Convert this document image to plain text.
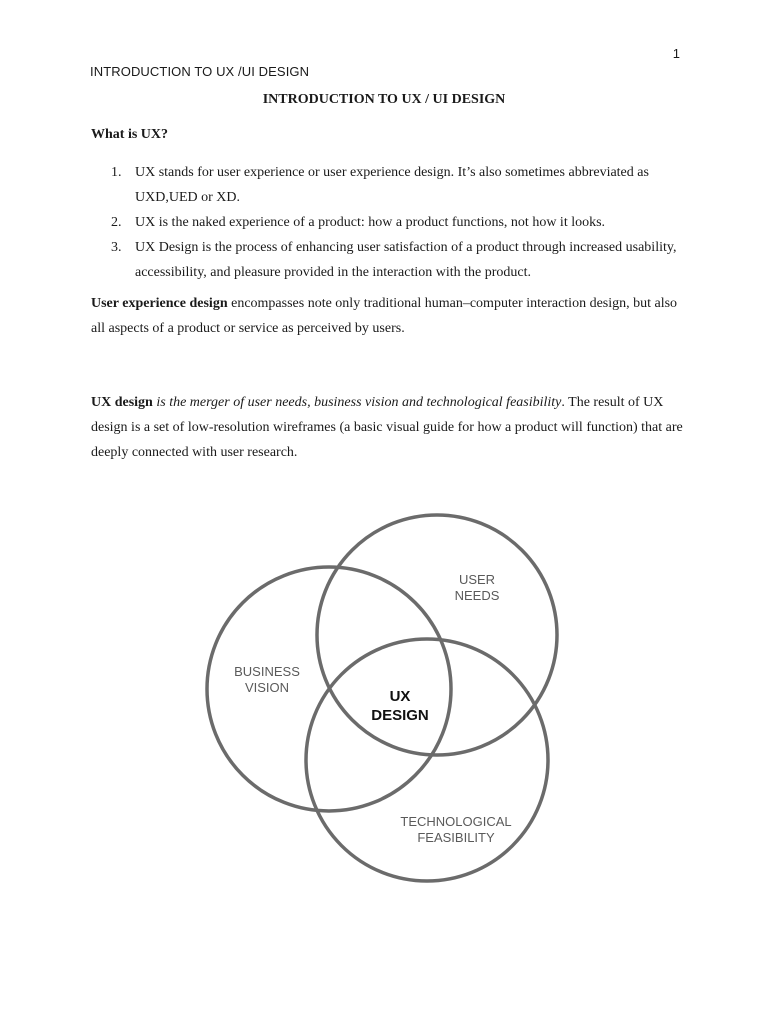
1
INTRODUCTION TO UX /UI DESIGN
INTRODUCTION TO UX / UI DESIGN
What is UX?
1. UX stands for user experience or user experience design. It’s also sometimes abbreviated as UXD,UED or XD.
2. UX is the naked experience of a product: how a product functions, not how it looks.
3. UX Design is the process of enhancing user satisfaction of a product through increased usability, accessibility, and pleasure provided in the interaction with the product.

User experience design encompasses note only traditional human–computer interaction design, but also all aspects of a product or service as perceived by users.

UX design is the merger of user needs, business vision and technological feasibility. The result of UX design is a set of low-resolution wireframes (a basic visual guide for how a product will function) that are deeply connected with user research.

USER
NEEDS
BUSINESS
VISION
TECHNOLOGICAL
FEASIBILITY
UX
DESIGN
